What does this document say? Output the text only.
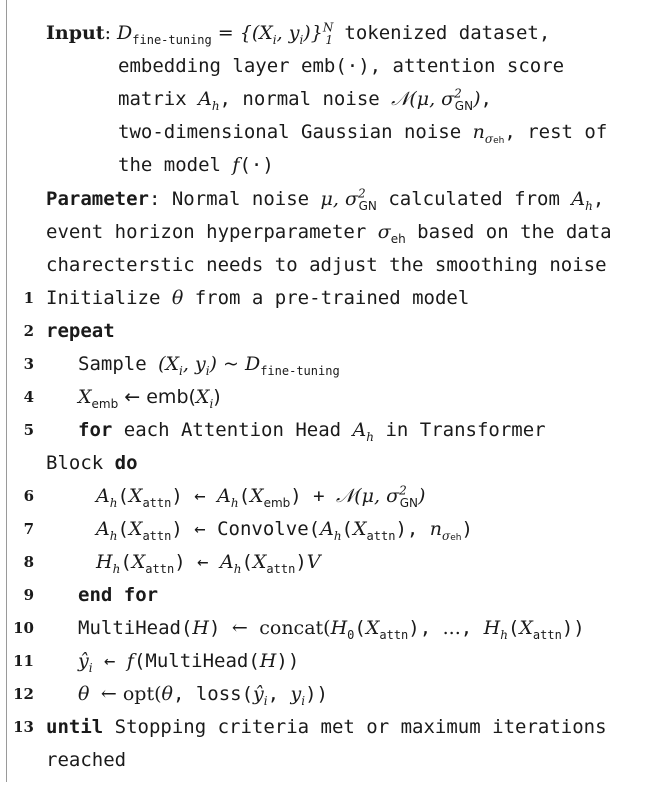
Input: $D_{fine-tuning} = \{(X_i$, $y_i)\}^N_1$ tokenized dataset,
embedding layer emb(·), attention score
matrix $A_h$, normal noise 𝒩(μ, $\sigma^2_{GN}$),
two-dimensional Gaussian noise $n_{\sigma eh}$, rest of
the model f(·)
Parameter: Normal noise μ, $\sigma^2_{GN}$ calculated from $A_h$,
event horizon hyperparameter $\sigma_{eh}$ based on the data
charecterstic needs to adjust the smoothing noise
1 Initialize θ from a pre-trained model
2 repeat
3 Sample ($X_i$, $y_i$) ~ $D_{fine-tuning}$
4 $X_{emb}$ ← $emb(X_i)$
5 for each Attention Head $A_h$ in Transformer
Block do
6	$A_h(X_{attn})$ ← $A_h(X_{emb})$ + 𝒩(μ, $\sigma^2_{GN}$)
7	$A_h(X_{attn})$ ← $Convolve(A_h(X_{attn})$, $n_{\sigma eh}$)
8	$H_h(X_{attn})$ ← $A_h(X_{attn})V$
9 end for
10 MultiHead(H) ← $concat(H_0(X_{attn})$, ..., $H_h(X_{attn})$)
11 $ŷ_i$ ← f(MultiHead(H))
12 θ ← opt(θ, $loss(ŷ_i$, $y_i$))
13 until Stopping criteria met or maximum iterations
reached
